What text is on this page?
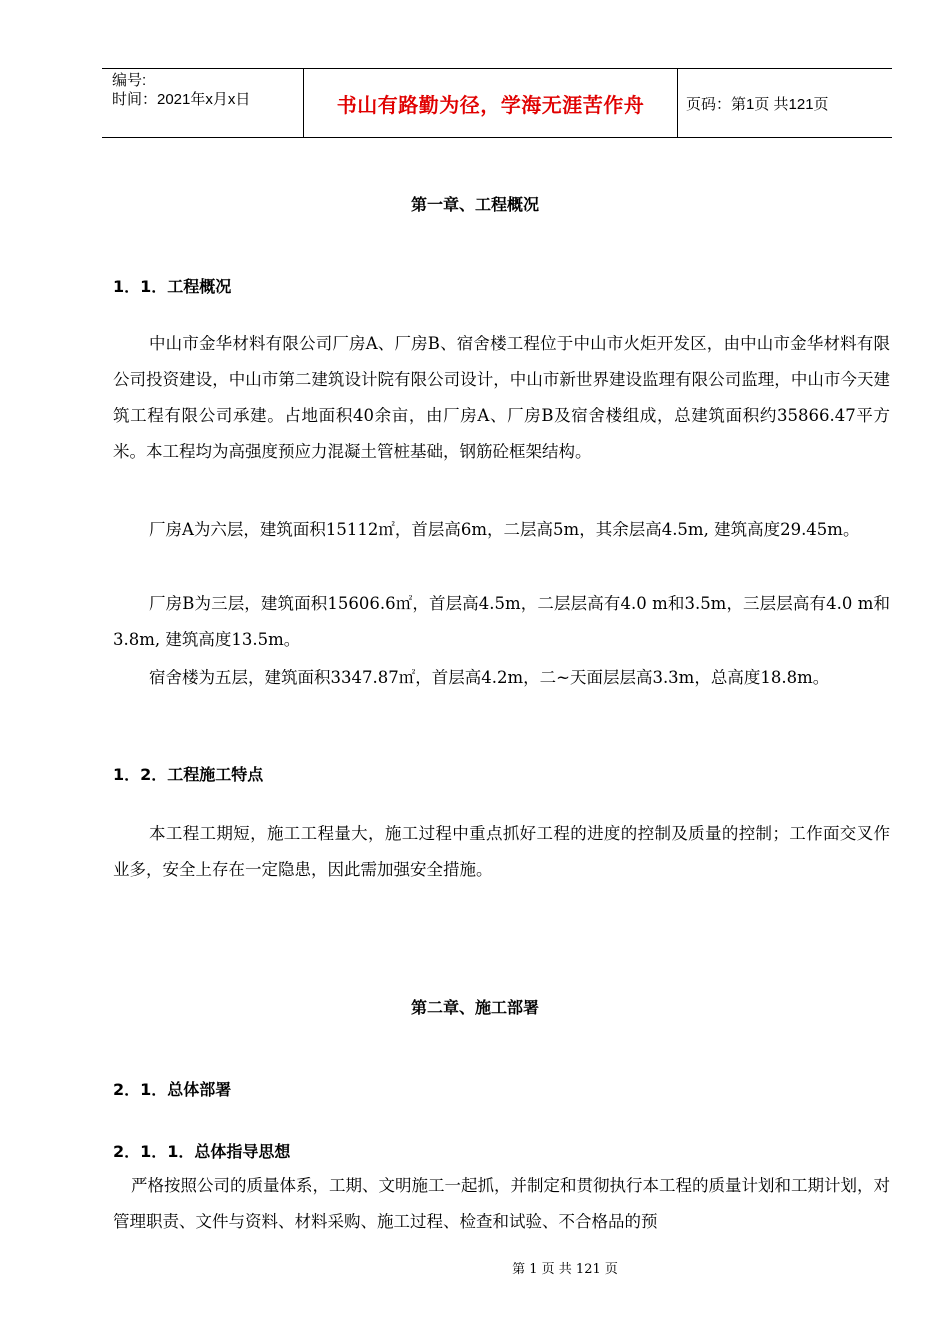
编号:
时间：2021年x月x日	书山有路勤为径，学海无涯苦作舟	页码：第1页 共121页
第一章、工程概况
1．1．工程概况
中山市金华材料有限公司厂房A、厂房B、宿舍楼工程位于中山市火炬开发区，由中山市金华材料有限公司投资建设，中山市第二建筑设计院有限公司设计，中山市新世界建设监理有限公司监理，中山市今天建筑工程有限公司承建。占地面积40余亩，由厂房A、厂房B及宿舍楼组成，总建筑面积约35866.47平方米。本工程均为高强度预应力混凝土管桩基础，钢筋砼框架结构。
厂房A为六层，建筑面积15112㎡，首层高6m，二层高5m，其余层高4.5m, 建筑高度29.45m。
厂房B为三层，建筑面积15606.6㎡，首层高4.5m，二层层高有4.0 m和3.5m，三层层高有4.0 m和3.8m, 建筑高度13.5m。
宿舍楼为五层，建筑面积3347.87㎡，首层高4.2m，二~天面层层高3.3m，总高度18.8m。
1．2．工程施工特点
本工程工期短，施工工程量大，施工过程中重点抓好工程的进度的控制及质量的控制；工作面交叉作业多，安全上存在一定隐患，因此需加强安全措施。
第二章、施工部署
2．1．总体部署
2．1．1．总体指导思想
严格按照公司的质量体系，工期、文明施工一起抓，并制定和贯彻执行本工程的质量计划和工期计划，对管理职责、文件与资料、材料采购、施工过程、检查和试验、不合格品的预
第 1 页 共 121 页
